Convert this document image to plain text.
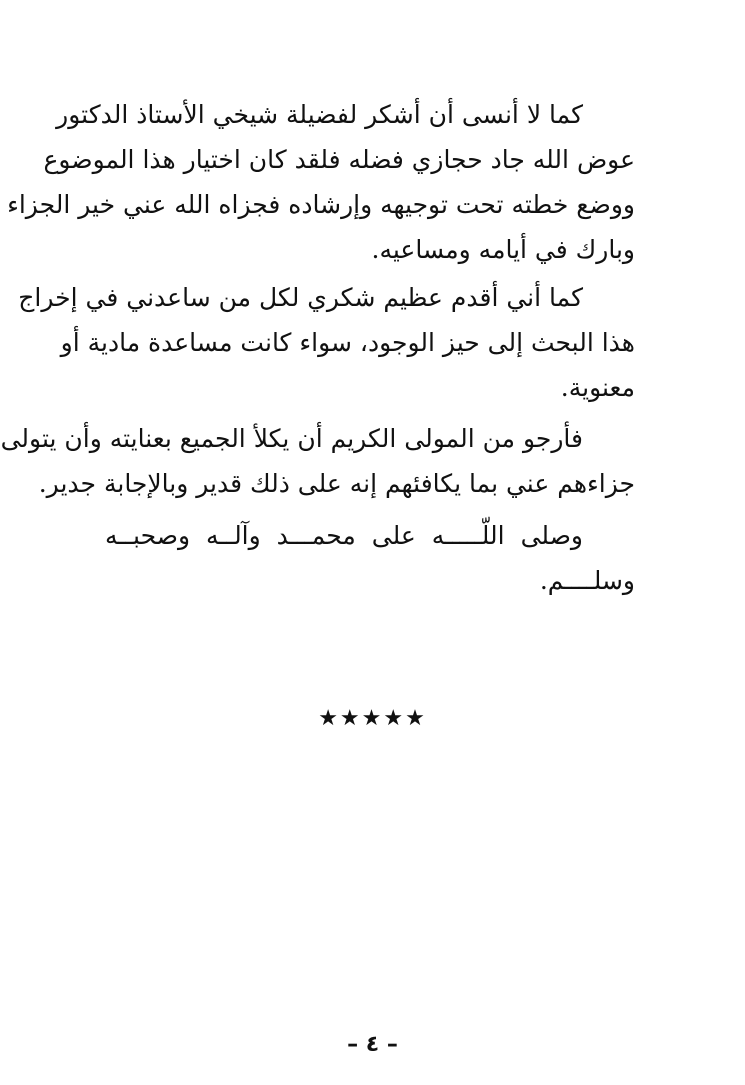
كما لا أنسى أن أشكر لفضيلة شيخي الأستاذ الدكتور
عوض الله جاد حجازي فضله فلقد كان اختيار هذا الموضوع
ووضع خطته تحت توجيهه وإرشاده فجزاه الله عني خير الجزاء
وبارك في أيامه ومساعيه.
كما أني أقدم عظيم شكري لكل من ساعدني في إخراج
هذا البحث إلى حيز الوجود، سواء كانت مساعدة مادية أو
معنوية.
فأرجو من المولى الكريم أن يكلأ الجميع بعنايته وأن يتولى
جزاءهم عني بما يكافئهم إنه على ذلك قدير وبالإجابة جدير.
وصلى اللّـــــه على محمـــد وآلــه وصحبــه
وسلــــم.
★★★★★
– ٤ –
